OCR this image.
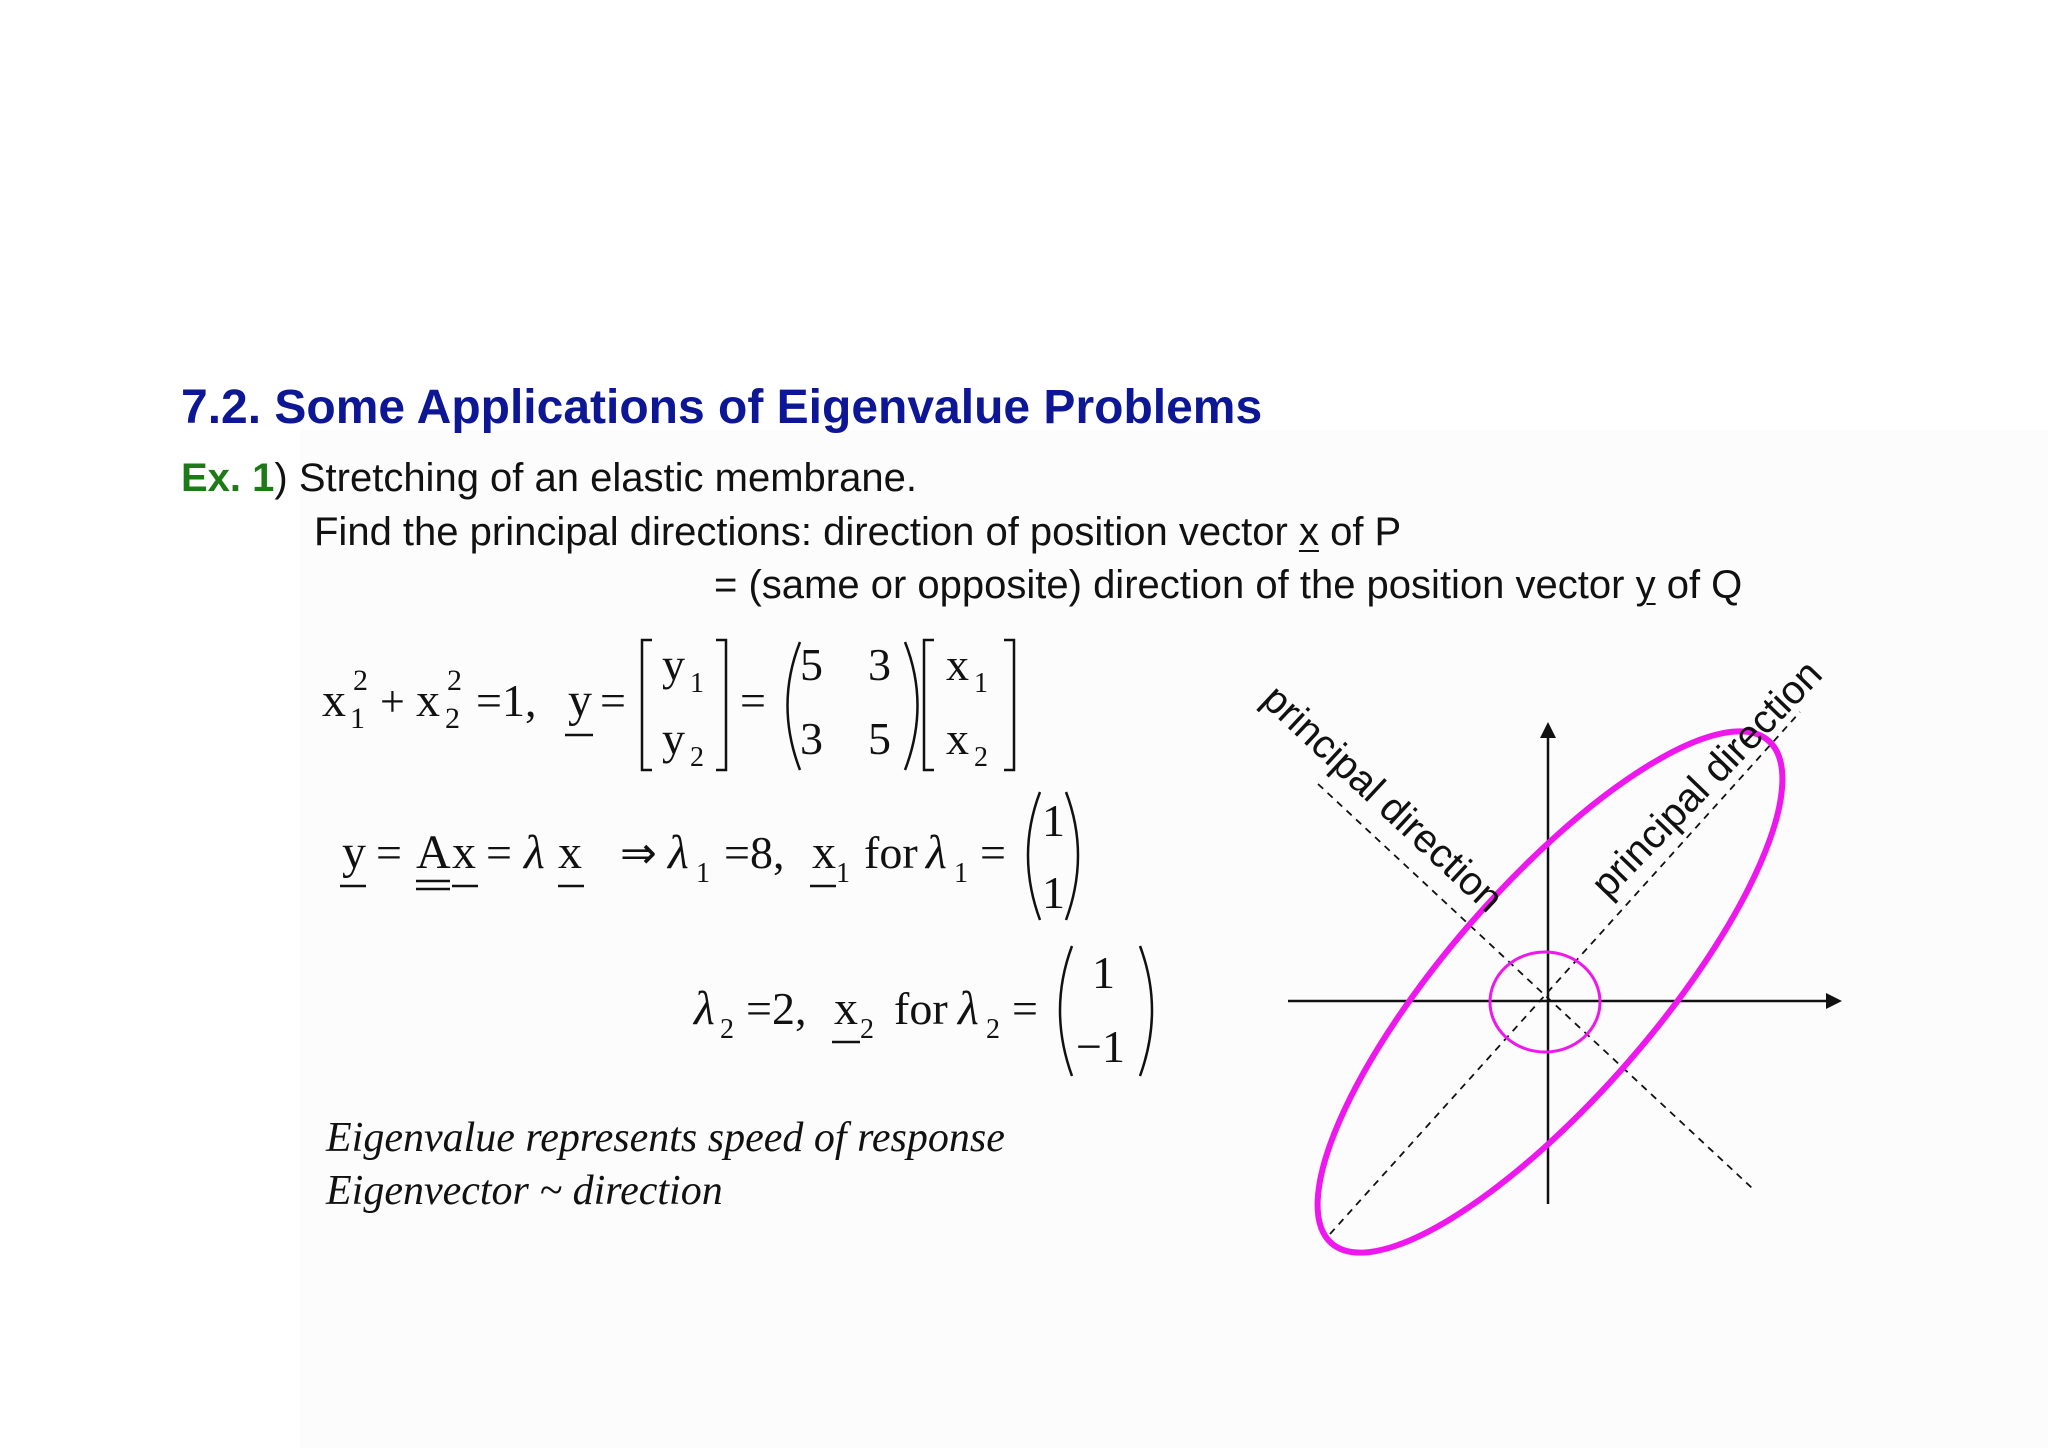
7.2. Some Applications of Eigenvalue Problems
Ex. 1) Stretching of an elastic membrane.
Find the principal directions: direction of position vector x of P
= (same or opposite) direction of the position vector y of Q
x 2
1 + x 2
2 =1, y =
y 1
y 2
=
5 3
3 5
x 1
x 2
y = A x = λ x ⇒ λ 1 =8, x 1 for λ 1 =
1
1
λ 2 =2, x 2 for λ 2 =
1
−1
principal direction principal direction
Eigenvalue represents speed of response
Eigenvector ~ direction
